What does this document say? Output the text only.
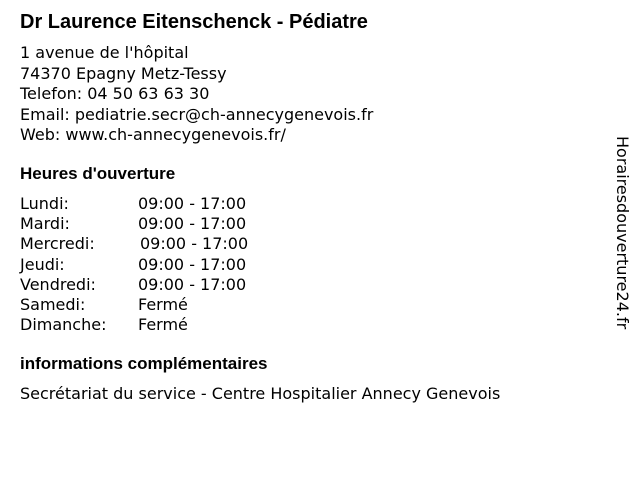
Dr Laurence Eitenschenck - Pédiatre
1 avenue de l'hôpital
74370 Epagny Metz-Tessy
Telefon: 04 50 63 63 30
Email: pediatrie.secr@ch-annecygenevois.fr
Web: www.ch-annecygenevois.fr/
Heures d'ouverture
Lundi:	09:00 - 17:00
Mardi:	09:00 - 17:00
Mercredi:	09:00 - 17:00
Jeudi:	09:00 - 17:00
Vendredi:	09:00 - 17:00
Samedi:	Fermé
Dimanche: Fermé
informations complémentaires
Secrétariat du service - Centre Hospitalier Annecy Genevois
Horairesdouverture24.fr
